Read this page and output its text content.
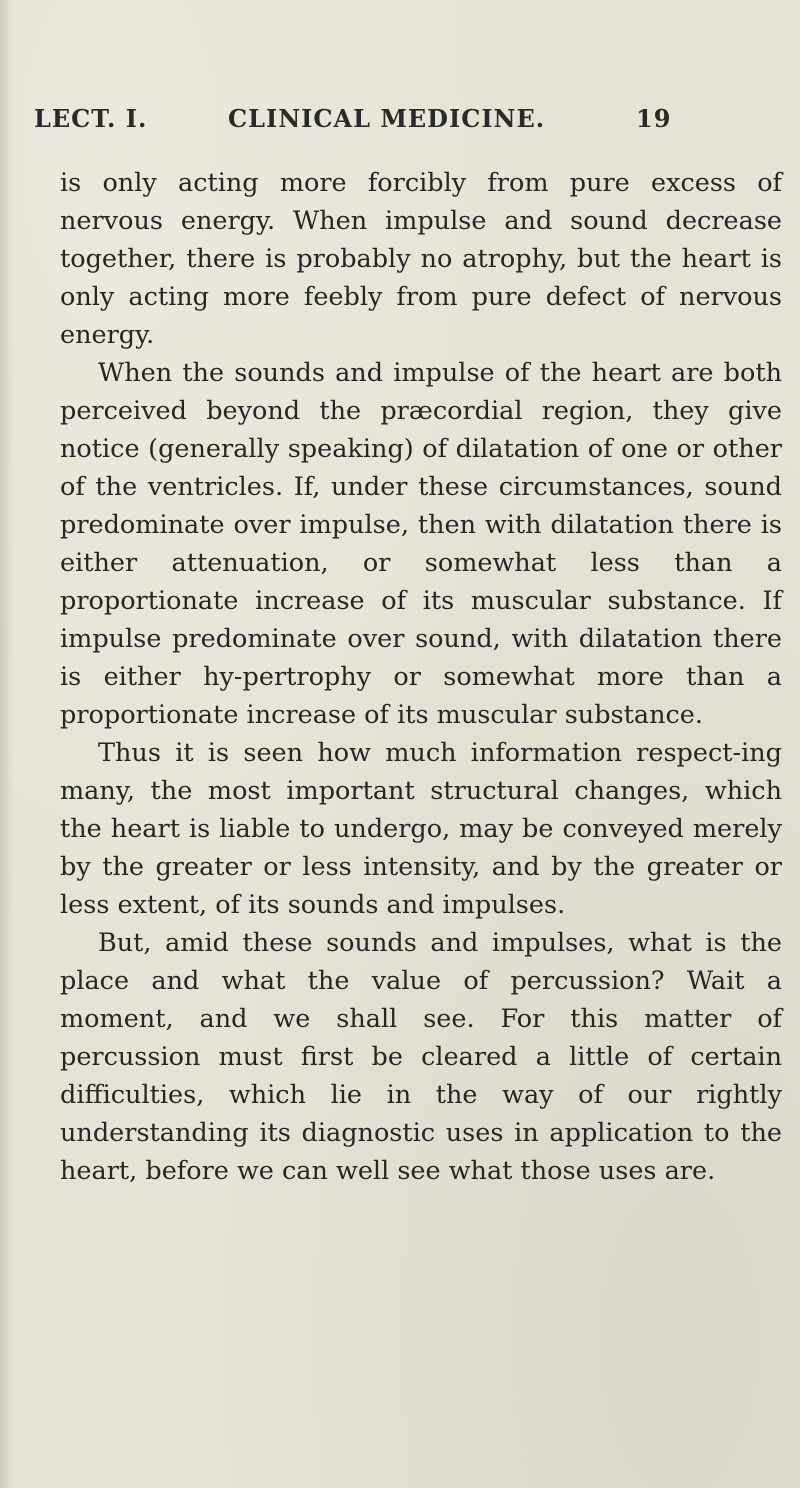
LECT. I.	CLINICAL MEDICINE.	19

is only acting more forcibly from pure excess of nervous energy. When impulse and sound decrease together, there is probably no atrophy, but the heart is only acting more feebly from pure defect of nervous energy.

When the sounds and impulse of the heart are both perceived beyond the præcordial region, they give notice (generally speaking) of dilatation of one or other of the ventricles. If, under these circumstances, sound predominate over impulse, then with dilatation there is either attenuation, or somewhat less than a proportionate increase of its muscular substance. If impulse predominate over sound, with dilatation there is either hy-pertrophy or somewhat more than a proportionate increase of its muscular substance.

Thus it is seen how much information respect-ing many, the most important structural changes, which the heart is liable to undergo, may be conveyed merely by the greater or less intensity, and by the greater or less extent, of its sounds and impulses.

But, amid these sounds and impulses, what is the place and what the value of percussion? Wait a moment, and we shall see. For this matter of percussion must first be cleared a little of certain difficulties, which lie in the way of our rightly understanding its diagnostic uses in application to the heart, before we can well see what those uses are.
